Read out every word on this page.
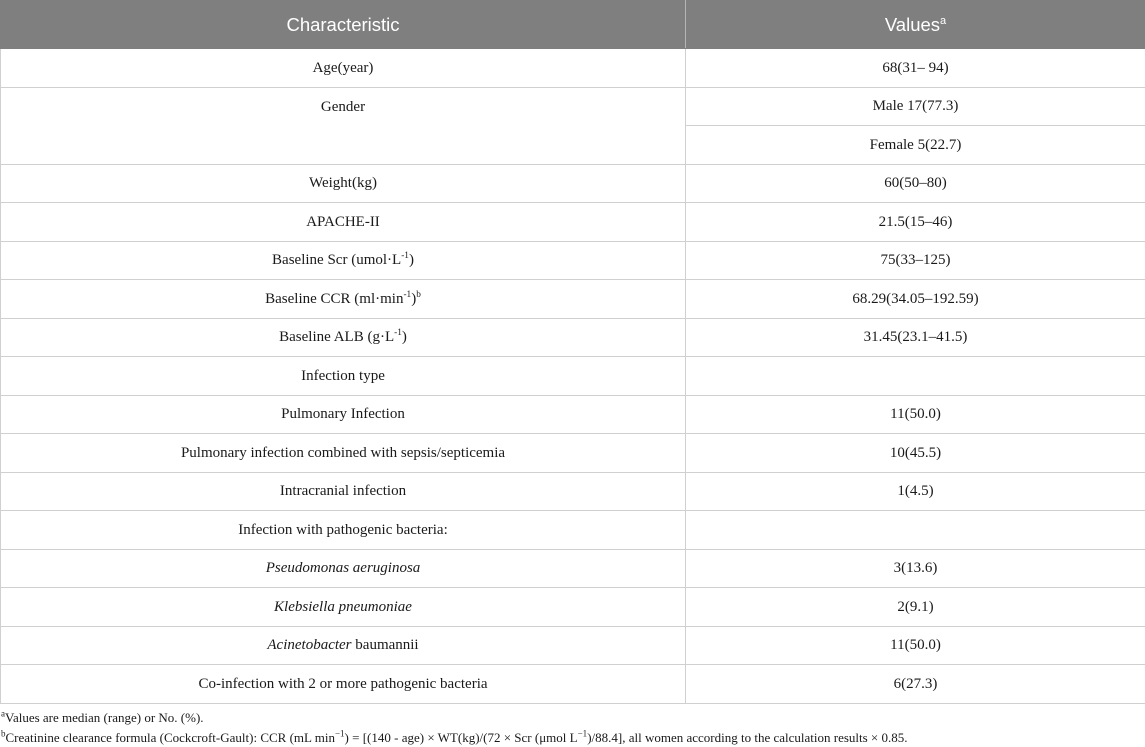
Characteristic	Values$^a$
Age(year)	68(31– 94)
Gender	Male 17(77.3)
	Female 5(22.7)
Weight(kg)	60(50–80)
APACHE-II	21.5(15–46)
Baseline Scr $(umol\cdot L^{-1})$	75(33–125)
Baseline CCR $(ml\cdot\min^{-1})^b$	68.29(34.05–192.59)
Baseline ALB $(g\cdot L^{-1})$	31.45(23.1–41.5)
Infection type	
Pulmonary Infection	11(50.0)
Pulmonary infection combined with sepsis/septicemia	10(45.5)
Intracranial infection	1(4.5)
Infection with pathogenic bacteria:	
Pseudomonas aeruginosa	3(13.6)
Klebsiella pneumoniae	2(9.1)
Acinetobacter baumannii	11(50.0)
Co-infection with 2 or more pathogenic bacteria	6(27.3)
$^a$Values are median (range) or No. (%).
$^b$Creatinine clearance formula (Cockcroft-Gault): CCR (mL $\min^{-1}) = [(140 - age) \times WT(kg)/(72$ × Scr (μmol $L^{-1})/88.4$], all women according to the calculation results × 0.85.
